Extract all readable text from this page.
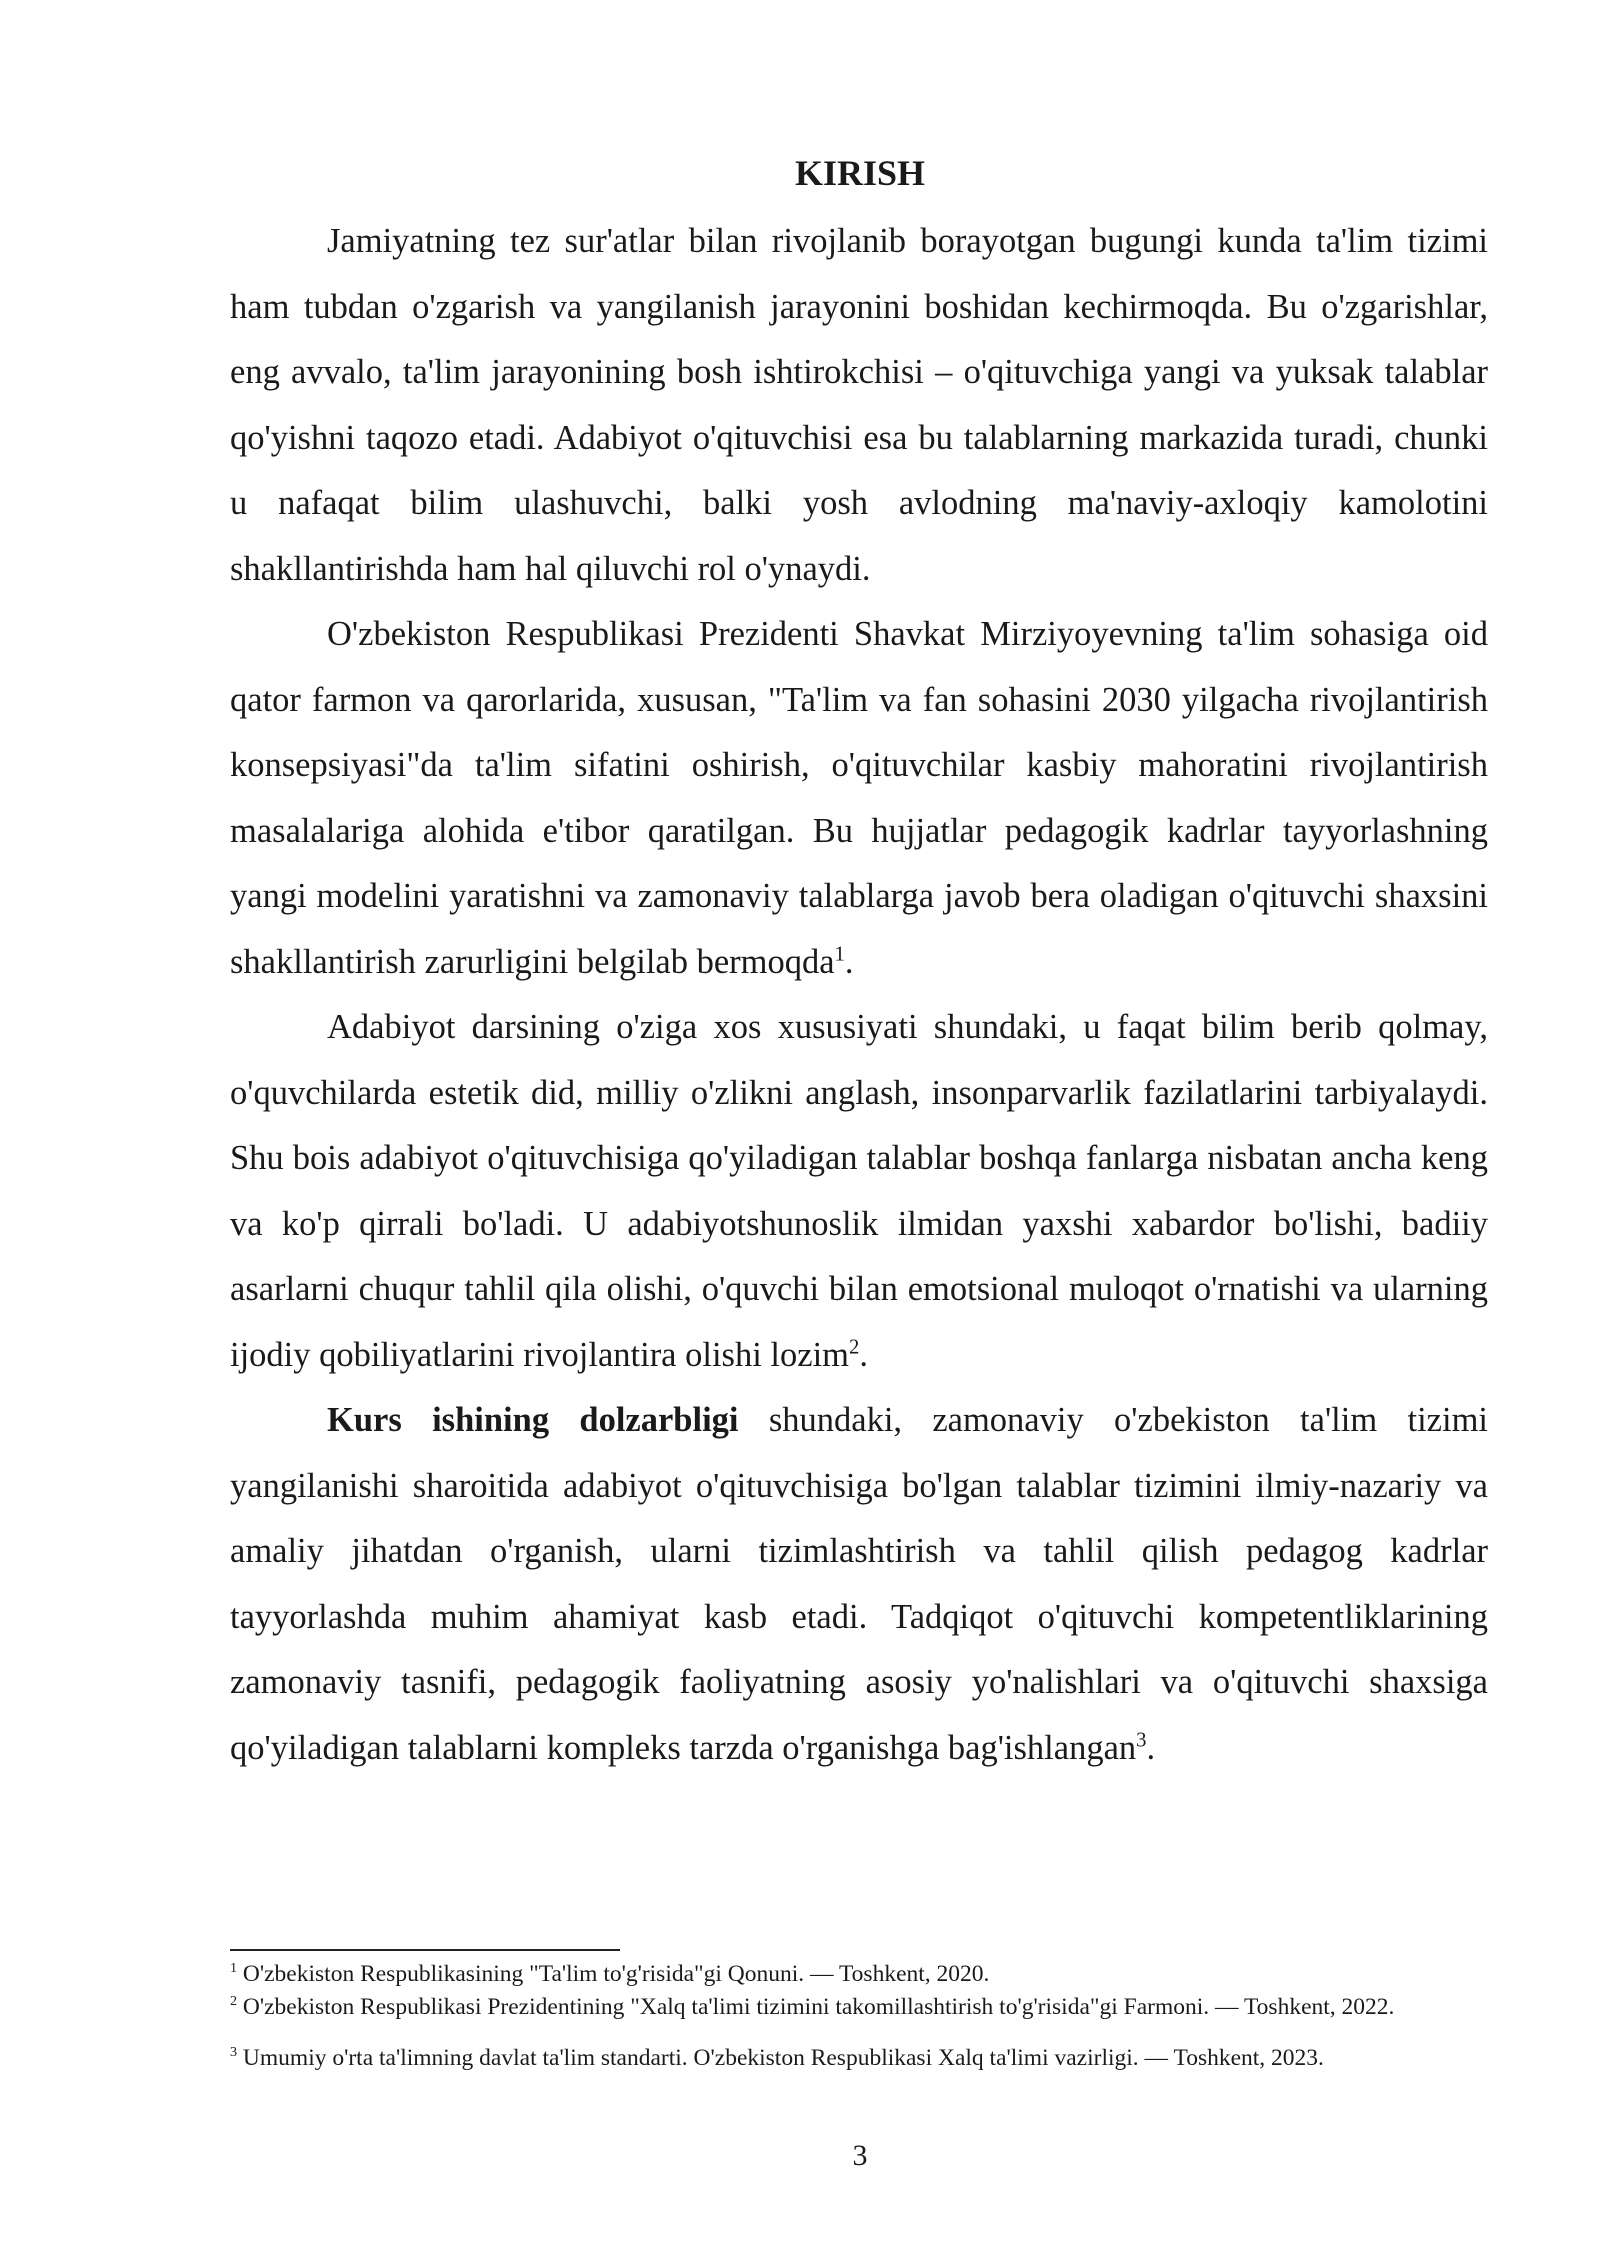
KIRISH

Jamiyatning tez sur'atlar bilan rivojlanib borayotgan bugungi kunda ta'lim tizimi ham tubdan o'zgarish va yangilanish jarayonini boshidan kechirmoqda. Bu o'zgarishlar, eng avvalo, ta'lim jarayonining bosh ishtirokchisi – o'qituvchiga yangi va yuksak talablar qo'yishni taqozo etadi. Adabiyot o'qituvchisi esa bu talablarning markazida turadi, chunki u nafaqat bilim ulashuvchi, balki yosh avlodning ma'naviy-axloqiy kamolotini shakllantirishda ham hal qiluvchi rol o'ynaydi.

O'zbekiston Respublikasi Prezidenti Shavkat Mirziyoyevning ta'lim sohasiga oid qator farmon va qarorlarida, xususan, "Ta'lim va fan sohasini 2030 yilgacha rivojlantirish konsepsiyasi"da ta'lim sifatini oshirish, o'qituvchilar kasbiy mahoratini rivojlantirish masalalariga alohida e'tibor qaratilgan. Bu hujjatlar pedagogik kadrlar tayyorlashning yangi modelini yaratishni va zamonaviy talablarga javob bera oladigan o'qituvchi shaxsini shakllantirish zarurligini belgilab bermoqda$^1$.

Adabiyot darsining o'ziga xos xususiyati shundaki, u faqat bilim berib qolmay, o'quvchilarda estetik did, milliy o'zlikni anglash, insonparvarlik fazilatlarini tarbiyalaydi. Shu bois adabiyot o'qituvchisiga qo'yiladigan talablar boshqa fanlarga nisbatan ancha keng va ko'p qirrali bo'ladi. U adabiyotshunoslik ilmidan yaxshi xabardor bo'lishi, badiiy asarlarni chuqur tahlil qila olishi, o'quvchi bilan emotsional muloqot o'rnatishi va ularning ijodiy qobiliyatlarini rivojlantira olishi lozim$^2$.

Kurs ishining dolzarbligi shundaki, zamonaviy o'zbekiston ta'lim tizimi yangilanishi sharoitida adabiyot o'qituvchisiga bo'lgan talablar tizimini ilmiy-nazariy va amaliy jihatdan o'rganish, ularni tizimlashtirish va tahlil qilish pedagog kadrlar tayyorlashda muhim ahamiyat kasb etadi. Tadqiqot o'qituvchi kompetentliklarining zamonaviy tasnifi, pedagogik faoliyatning asosiy yo'nalishlari va o'qituvchi shaxsiga qo'yiladigan talablarni kompleks tarzda o'rganishga bag'ishlangan$^3$.

$^1$ O'zbekiston Respublikasining "Ta'lim to'g'risida"gi Qonuni. — Toshkent, 2020.

$^2$ O'zbekiston Respublikasi Prezidentining "Xalq ta'limi tizimini takomillashtirish to'g'risida"gi Farmoni. — Toshkent, 2022.

$^3$ Umumiy o'rta ta'limning davlat ta'lim standarti. O'zbekiston Respublikasi Xalq ta'limi vazirligi. — Toshkent, 2023.

3
